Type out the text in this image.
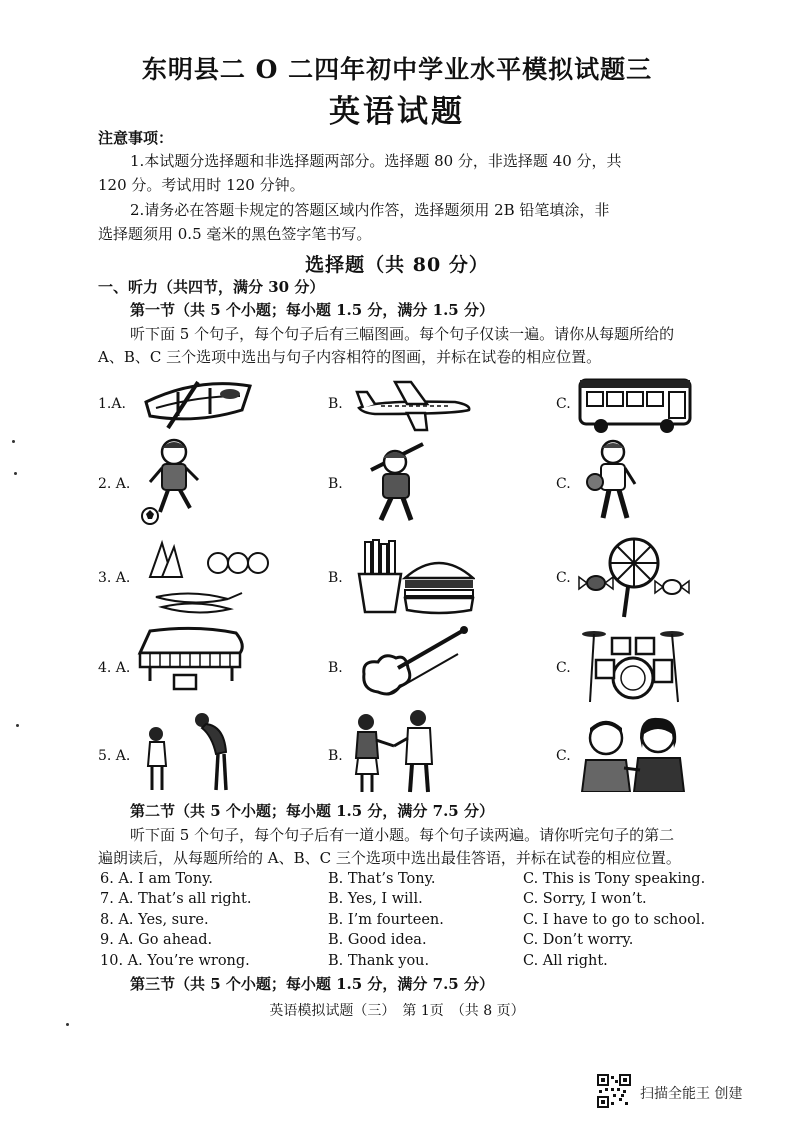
东明县二 O 二四年初中学业水平模拟试题三
英语试题
注意事项：
1.本试题分选择题和非选择题两部分。选择题 80 分，非选择题 40 分，共
120 分。考试用时 120 分钟。
2.请务必在答题卡规定的答题区域内作答，选择题须用 2B 铅笔填涂，非
选择题须用 0.5 毫米的黑色签字笔书写。
选择题（共 80 分）
一、听力（共四节，满分 30 分）
第一节（共 5 个小题；每小题 1.5 分，满分 1.5 分）
听下面 5 个句子，每个句子后有三幅图画。每个句子仅读一遍。请你从每题所给的
A、B、C 三个选项中选出与句子内容相符的图画，并标在试卷的相应位置。
1.A.	B.	C.
2. A.	B.	C.
3. A.	B.	C.
4. A.	B.	C.
5. A.	B.	C.
第二节（共 5 个小题；每小题 1.5 分，满分 7.5 分）
听下面 5 个句子，每个句子后有一道小题。每个句子读两遍。请你听完句子的第二
遍朗读后，从每题所给的 A、B、C 三个选项中选出最佳答语，并标在试卷的相应位置。
6. A. I am Tony.	B. That’s Tony.	C. This is Tony speaking.
7. A. That’s all right.	B. Yes, I will.	C. Sorry, I won’t.
8. A. Yes, sure.	B. I’m fourteen.	C. I have to go to school.
9. A. Go ahead.	B. Good idea.	C. Don’t worry.
10. A. You’re wrong.	B. Thank you.	C. All right.
第三节（共 5 个小题；每小题 1.5 分，满分 7.5 分）
英语模拟试题（三）　第 1页　（共 8 页）
扫描全能王 创建
